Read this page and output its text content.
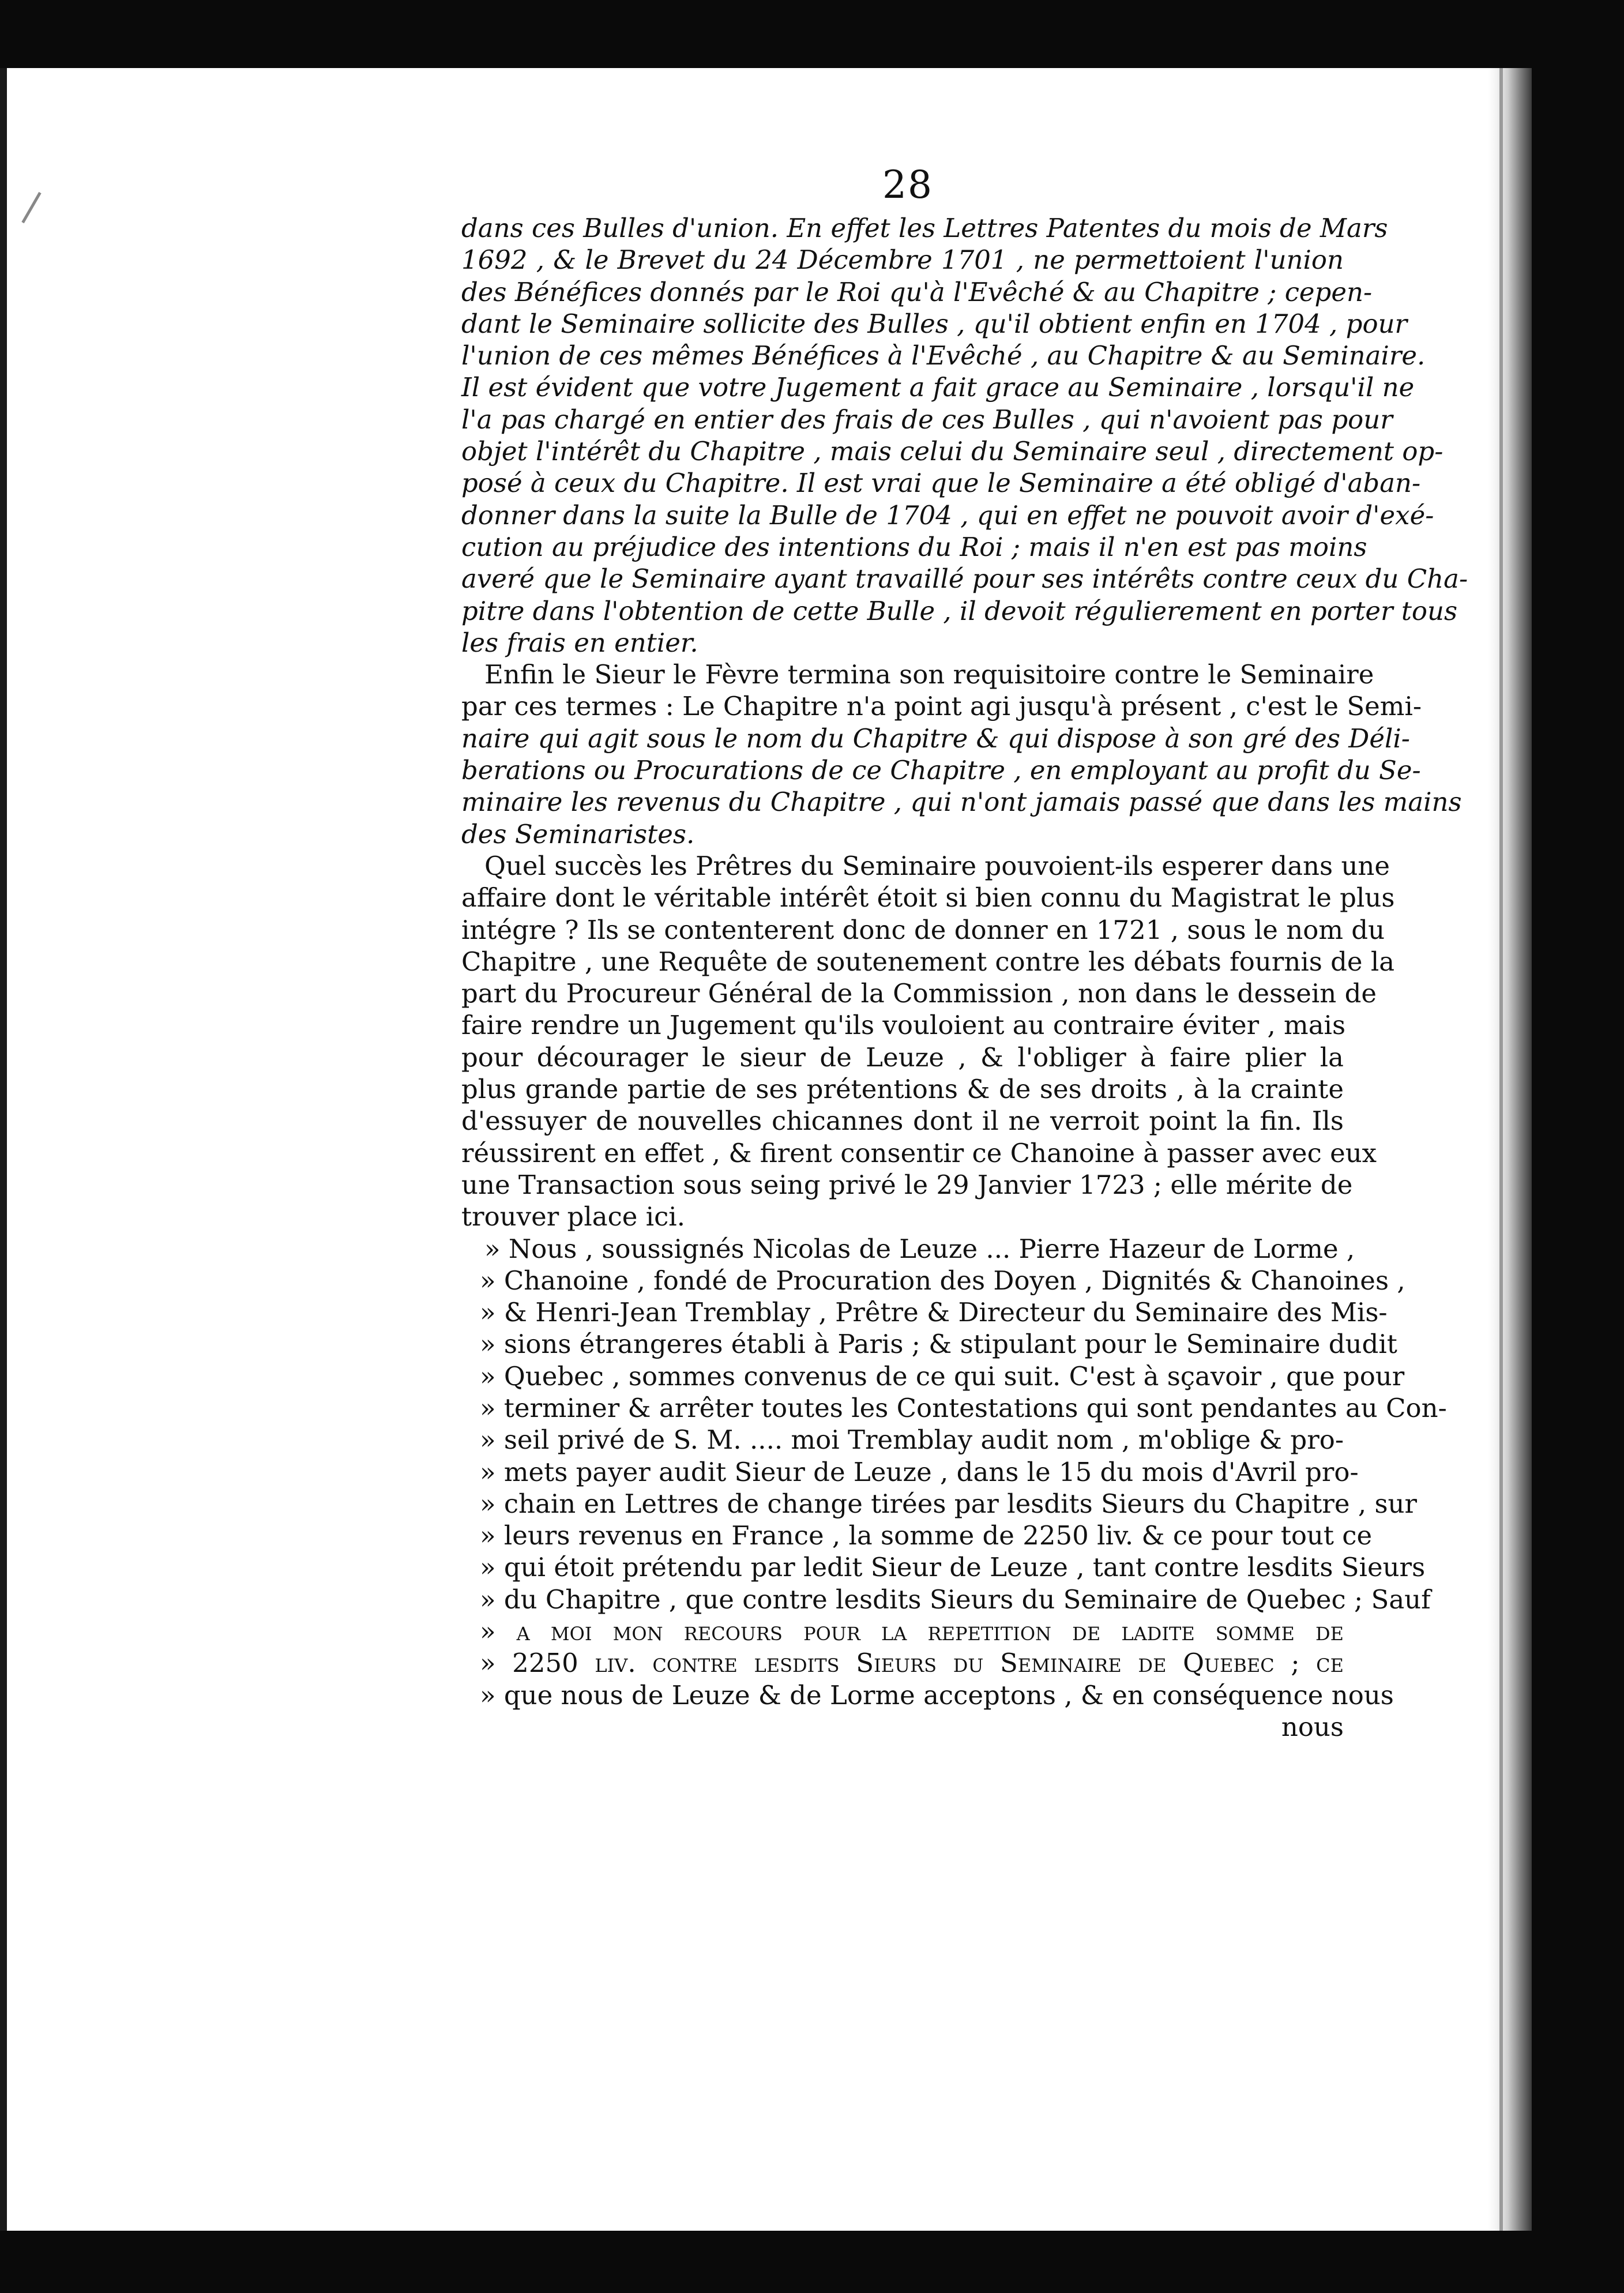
28
dans ces Bulles d'union. En effet les Lettres Patentes du mois de Mars
1692 , & le Brevet du 24 Décembre 1701 , ne permettoient l'union
des Bénéfices donnés par le Roi qu'à l'Evêché & au Chapitre ; cepen-
dant le Seminaire sollicite des Bulles , qu'il obtient enfin en 1704 , pour
l'union de ces mêmes Bénéfices à l'Evêché , au Chapitre & au Seminaire.
Il est évident que votre Jugement a fait grace au Seminaire , lorsqu'il ne
l'a pas chargé en entier des frais de ces Bulles , qui n'avoient pas pour
objet l'intérêt du Chapitre , mais celui du Seminaire seul , directement op-
posé à ceux du Chapitre. Il est vrai que le Seminaire a été obligé d'aban-
donner dans la suite la Bulle de 1704 , qui en effet ne pouvoit avoir d'exé-
cution au préjudice des intentions du Roi ; mais il n'en est pas moins
averé que le Seminaire ayant travaillé pour ses intérêts contre ceux du Cha-
pitre dans l'obtention de cette Bulle , il devoit régulierement en porter tous
les frais en entier.
Enfin le Sieur le Fèvre termina son requisitoire contre le Seminaire
par ces termes : Le Chapitre n'a point agi jusqu'à présent , c'est le Semi-
naire qui agit sous le nom du Chapitre & qui dispose à son gré des Déli-
berations ou Procurations de ce Chapitre , en employant au profit du Se-
minaire les revenus du Chapitre , qui n'ont jamais passé que dans les mains
des Seminaristes.
Quel succès les Prêtres du Seminaire pouvoient-ils esperer dans une
affaire dont le véritable intérêt étoit si bien connu du Magistrat le plus
intégre ? Ils se contenterent donc de donner en 1721 , sous le nom du
Chapitre , une Requête de soutenement contre les débats fournis de la
part du Procureur Général de la Commission , non dans le dessein de
faire rendre un Jugement qu'ils vouloient au contraire éviter , mais
pour décourager le sieur de Leuze , & l'obliger à faire plier la
plus grande partie de ses prétentions & de ses droits , à la crainte
d'essuyer de nouvelles chicannes dont il ne verroit point la fin. Ils
réussirent en effet , & firent consentir ce Chanoine à passer avec eux
une Transaction sous seing privé le 29 Janvier 1723 ; elle mérite de
trouver place ici.
» Nous , soussignés Nicolas de Leuze ... Pierre Hazeur de Lorme ,
» Chanoine , fondé de Procuration des Doyen , Dignités & Chanoines ,
» & Henri-Jean Tremblay , Prêtre & Directeur du Seminaire des Mis-
» sions étrangeres établi à Paris ; & stipulant pour le Seminaire dudit
» Quebec , sommes convenus de ce qui suit. C'est à sçavoir , que pour
» terminer & arrêter toutes les Contestations qui sont pendantes au Con-
» seil privé de S. M. .... moi Tremblay audit nom , m'oblige & pro-
» mets payer audit Sieur de Leuze , dans le 15 du mois d'Avril pro-
» chain en Lettres de change tirées par lesdits Sieurs du Chapitre , sur
» leurs revenus en France , la somme de 2250 liv. & ce pour tout ce
» qui étoit prétendu par ledit Sieur de Leuze , tant contre lesdits Sieurs
» du Chapitre , que contre lesdits Sieurs du Seminaire de Quebec ; Sauf
» a moi mon recours pour la repetition de ladite somme de
» 2250 liv. contre lesdits Sieurs du Seminaire de Quebec ; ce
» que nous de Leuze & de Lorme acceptons , & en conséquence nous
nous
